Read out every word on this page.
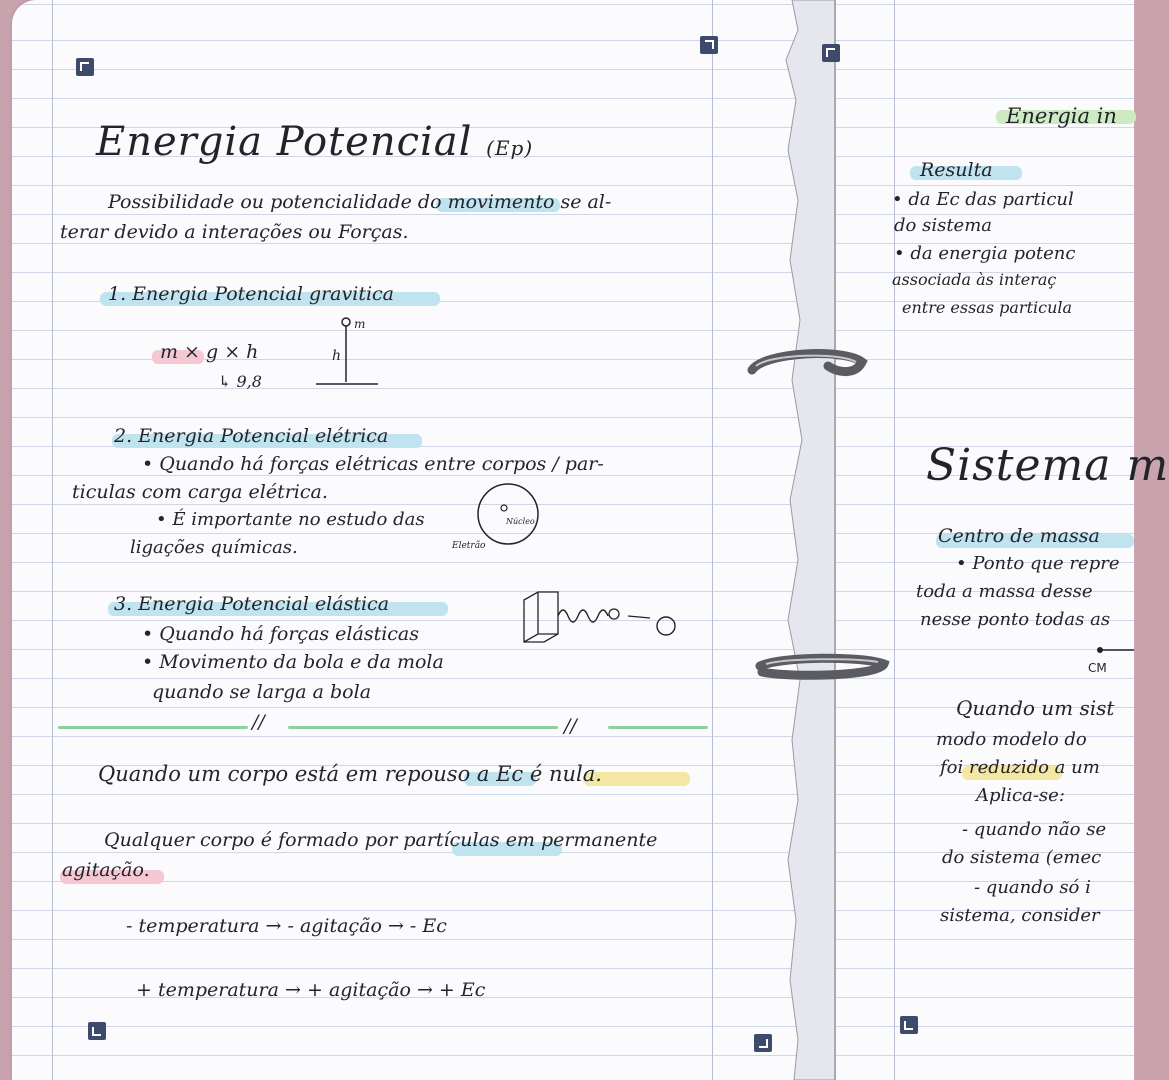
Energia Potencial (Ep)
Possibilidade ou potencialidade do movimento se al-
terar devido a interações ou Forças.
1. Energia Potencial gravitica
m × g × h
↳ 9,8
m
h
2. Energia Potencial elétrica
• Quando há forças elétricas entre corpos / par-
ticulas com carga elétrica.
• É importante no estudo das
ligações químicas.
Núcleo
Eletrão
3. Energia Potencial elástica
• Quando há forças elásticas
• Movimento da bola e da mola
quando se larga a bola
//	//
Quando um corpo está em repouso a Ec é nula.
Qualquer corpo é formado por partículas em permanente
agitação.
- temperatura → - agitação → - Ec
+ temperatura → + agitação → + Ec
Energia in
Resulta
• da Ec das particul
do sistema
• da energia potenc
associada às interaç
entre essas particula
Sistema m
Centro de massa
• Ponto que repre
toda a massa desse
nesse ponto todas as
CM
Quando um sist
modo modelo do
foi reduzido a um
Aplica-se:
- quando não se
do sistema (emec
- quando só i
sistema, consider
